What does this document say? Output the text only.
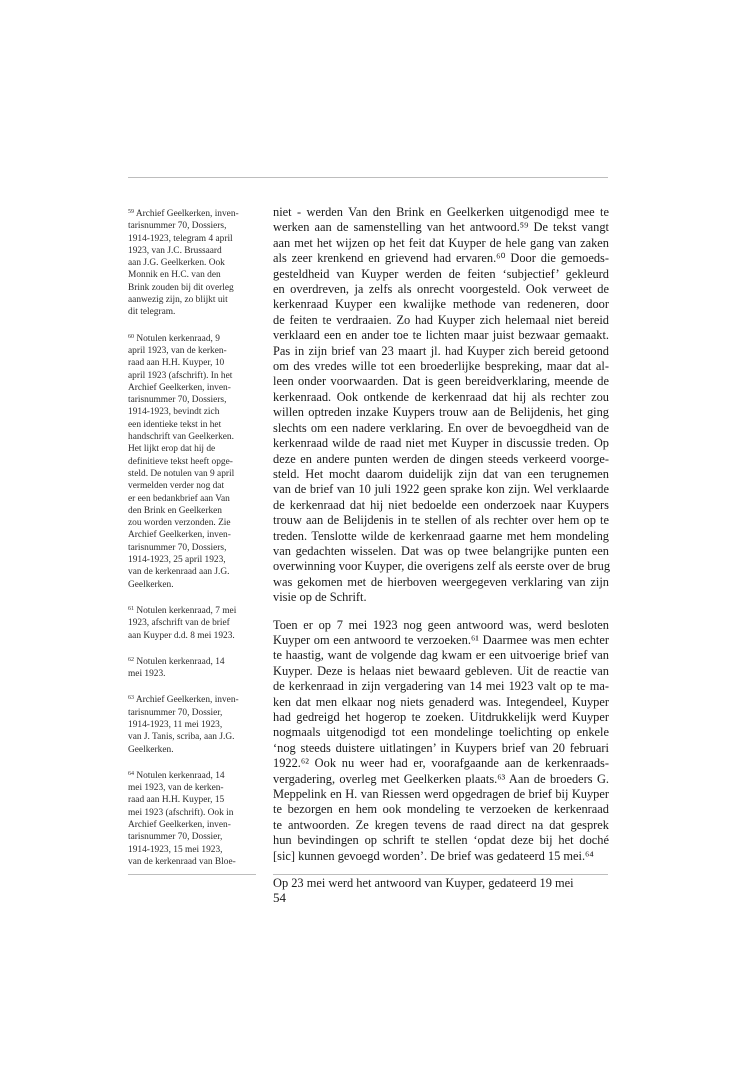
$^{59}$ Archief Geelkerken, inven-

tarisnummer 70, Dossiers,
1914-1923, telegram 4 april
1923, van J.C. Brussaard
aan J.G. Geelkerken. Ook
Monnik en H.C. van den
Brink zouden bij dit overleg
aanwezig zijn, zo blijkt uit
dit telegram.
$^{60}$ Notulen kerkenraad, 9

april 1923, van de kerken-
raad aan H.H. Kuyper, 10
april 1923 (afschrift). In het
Archief Geelkerken, inven-
tarisnummer 70, Dossiers,
1914-1923, bevindt zich
een identieke tekst in het
handschrift van Geelkerken.
Het lijkt erop dat hij de
definitieve tekst heeft opge-
steld. De notulen van 9 april
vermelden verder nog dat
er een bedankbrief aan Van
den Brink en Geelkerken
zou worden verzonden. Zie
Archief Geelkerken, inven-
tarisnummer 70, Dossiers,
1914-1923, 25 april 1923,
van de kerkenraad aan J.G.
Geelkerken.
$^{61}$ Notulen kerkenraad, 7 mei

1923, afschrift van de brief
aan Kuyper d.d. 8 mei 1923.
$^{62}$ Notulen kerkenraad, 14

mei 1923.
$^{63}$ Archief Geelkerken, inven-

tarisnummer 70, Dossier,
1914-1923, 11 mei 1923,
van J. Tanis, scriba, aan J.G.
Geelkerken.
$^{64}$ Notulen kerkenraad, 14

mei 1923, van de kerken-
raad aan H.H. Kuyper, 15
mei 1923 (afschrift). Ook in
Archief Geelkerken, inven-
tarisnummer 70, Dossier,
1914-1923, 15 mei 1923,
van de kerkenraad van Bloe-
niet - werden Van den Brink en Geelkerken uitgenodigd mee te
werken aan de samenstelling van het antwoord.⁵⁹ De tekst vangt
aan met het wijzen op het feit dat Kuyper de hele gang van zaken
als zeer krenkend en grievend had ervaren.⁶⁰ Door die gemoeds-
gesteldheid van Kuyper werden de feiten ‘subjectief’ gekleurd
en overdreven, ja zelfs als onrecht voorgesteld. Ook verweet de
kerkenraad Kuyper een kwalijke methode van redeneren, door
de feiten te verdraaien. Zo had Kuyper zich helemaal niet bereid
verklaard een en ander toe te lichten maar juist bezwaar gemaakt.
Pas in zijn brief van 23 maart jl. had Kuyper zich bereid getoond
om des vredes wille tot een broederlijke bespreking, maar dat al-
leen onder voorwaarden. Dat is geen bereidverklaring, meende de
kerkenraad. Ook ontkende de kerkenraad dat hij als rechter zou
willen optreden inzake Kuypers trouw aan de Belijdenis, het ging
slechts om een nadere verklaring. En over de bevoegdheid van de
kerkenraad wilde de raad niet met Kuyper in discussie treden. Op
deze en andere punten werden de dingen steeds verkeerd voorge-
steld. Het mocht daarom duidelijk zijn dat van een terugnemen
van de brief van 10 juli 1922 geen sprake kon zijn. Wel verklaarde
de kerkenraad dat hij niet bedoelde een onderzoek naar Kuypers
trouw aan de Belijdenis in te stellen of als rechter over hem op te
treden. Tenslotte wilde de kerkenraad gaarne met hem mondeling
van gedachten wisselen. Dat was op twee belangrijke punten een
overwinning voor Kuyper, die overigens zelf als eerste over de brug
was gekomen met de hierboven weergegeven verklaring van zijn
visie op de Schrift.
Toen er op 7 mei 1923 nog geen antwoord was, werd besloten
Kuyper om een antwoord te verzoeken.⁶¹ Daarmee was men echter
te haastig, want de volgende dag kwam er een uitvoerige brief van
Kuyper. Deze is helaas niet bewaard gebleven. Uit de reactie van
de kerkenraad in zijn vergadering van 14 mei 1923 valt op te ma-
ken dat men elkaar nog niets genaderd was. Integendeel, Kuyper
had gedreigd het hogerop te zoeken. Uitdrukkelijk werd Kuyper
nogmaals uitgenodigd tot een mondelinge toelichting op enkele
‘nog steeds duistere uitlatingen’ in Kuypers brief van 20 februari
1922.⁶² Ook nu weer had er, voorafgaande aan de kerkenraads-
vergadering, overleg met Geelkerken plaats.⁶³ Aan de broeders G.
Meppelink en H. van Riessen werd opgedragen de brief bij Kuyper
te bezorgen en hem ook mondeling te verzoeken de kerkenraad
te antwoorden. Ze kregen tevens de raad direct na dat gesprek
hun bevindingen op schrift te stellen ‘opdat deze bij het doché
[sic] kunnen gevoegd worden’. De brief was gedateerd 15 mei.⁶⁴
Op 23 mei werd het antwoord van Kuyper, gedateerd 19 mei
54
